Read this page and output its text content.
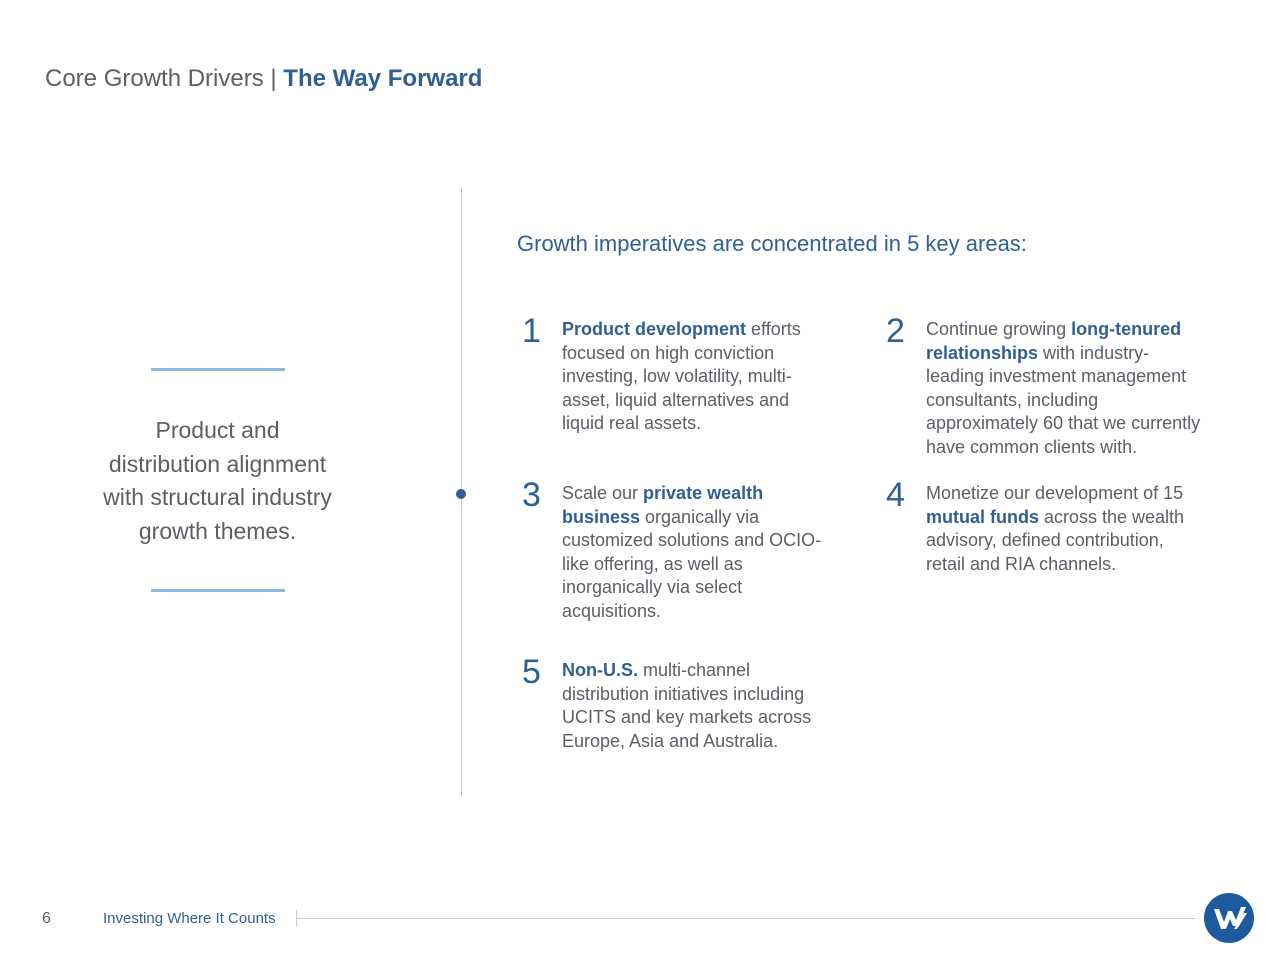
Core Growth Drivers | The Way Forward
Product and
distribution alignment
with structural industry
growth themes.
Growth imperatives are concentrated in 5 key areas:
1 Product development efforts
focused on high conviction
investing, low volatility, multi-
asset, liquid alternatives and
liquid real assets.
2 Continue growing long-tenured
relationships with industry-
leading investment management
consultants, including
approximately 60 that we currently
have common clients with.
3 Scale our private wealth
business organically via
customized solutions and OCIO-
like offering, as well as
inorganically via select
acquisitions.
4 Monetize our development of 15
mutual funds across the wealth
advisory, defined contribution,
retail and RIA channels.
5 Non-U.S. multi-channel
distribution initiatives including
UCITS and key markets across
Europe, Asia and Australia.
6	Investing Where It Counts
